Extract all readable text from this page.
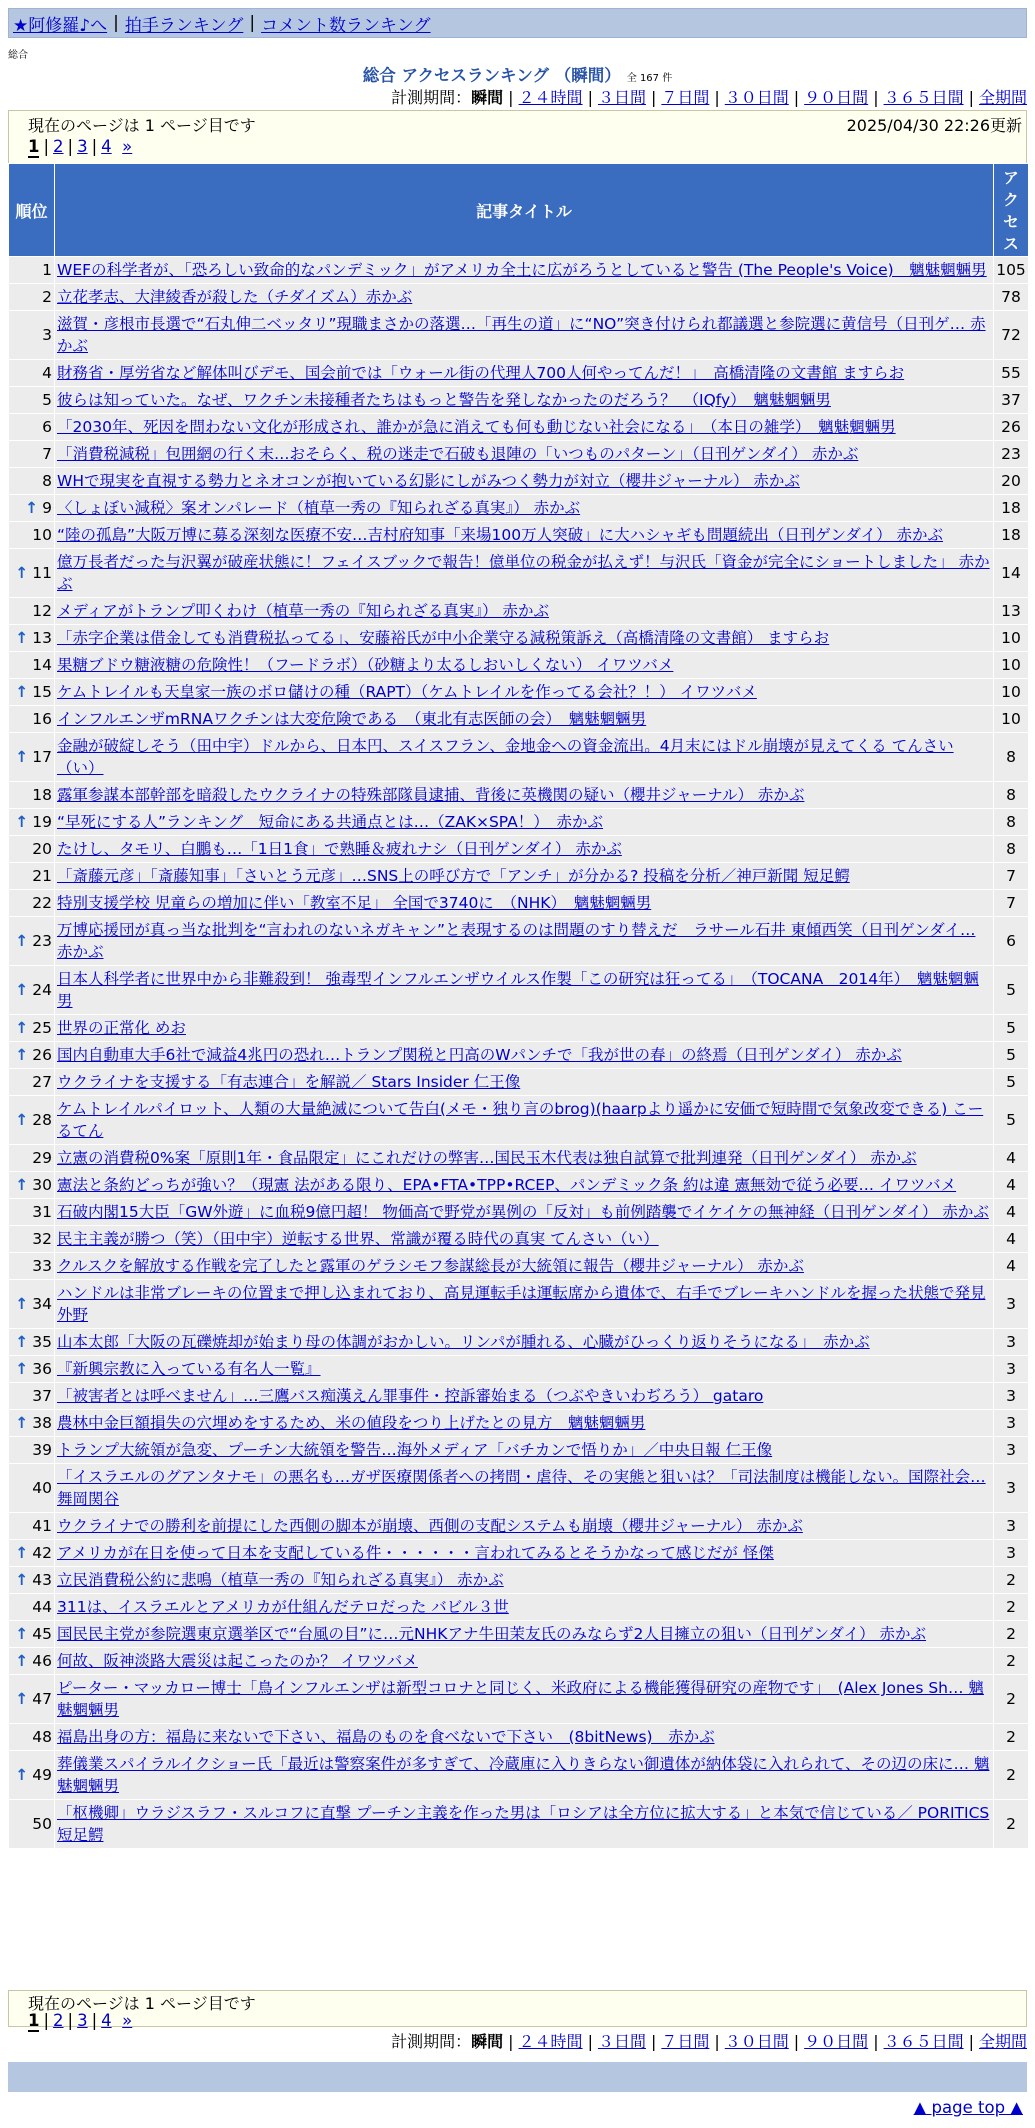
★阿修羅♪へ | 拍手ランキング | コメント数ランキング
総合
総合 アクセスランキング （瞬間） 全 167 件
計測期間：瞬間 | ２４時間 | ３日間 | ７日間 | ３０日間 | ９０日間 | ３６５日間 | 全期間
現在のページは 1 ページ目です	2025/04/30 22:26更新
1 | 2 | 3 | 4 »
順位	記事タイトル	アクセス
1	WEFの科学者が、「恐ろしい致命的なパンデミック」がアメリカ全土に広がろうとしていると警告 (The People's Voice)　魑魅魍魎男	105
2	立花孝志、大津綾香が殺した（チダイズム）赤かぶ	78
3	滋賀・彦根市長選で“石丸伸二ベッタリ”現職まさかの落選…「再生の道」に“NO”突き付けられ都議選と参院選に黄信号（日刊ゲ… 赤かぶ	72
4	財務省・厚労省など解体叫びデモ、国会前では「ウォール街の代理人700人何やってんだ！」　高橋清隆の文書館 ますらお	55
5	彼らは知っていた。なぜ、ワクチン未接種者たちはもっと警告を発しなかったのだろう？　（IQfy）　魑魅魍魎男	37
6	「2030年、死因を問わない文化が形成され、誰かが急に消えても何も動じない社会になる」　（本日の雑学）　魑魅魍魎男	26
7	「消費税減税」包囲網の行く末…おそらく、税の迷走で石破も退陣の「いつものパターン」（日刊ゲンダイ） 赤かぶ	23
8	WHで現実を直視する勢力とネオコンが抱いている幻影にしがみつく勢力が対立（櫻井ジャーナル） 赤かぶ	20
↑ 9	〈しょぼい減税〉案オンパレード（植草一秀の『知られざる真実』） 赤かぶ	18
10	“陸の孤島”大阪万博に募る深刻な医療不安…吉村府知事「来場100万人突破」に大ハシャギも問題続出（日刊ゲンダイ） 赤かぶ	18
↑ 11	億万長者だった与沢翼が破産状態に！フェイスブックで報告！億単位の税金が払えず！与沢氏「資金が完全にショートしました」 赤かぶ	14
12	メディアがトランプ叩くわけ（植草一秀の『知られざる真実』） 赤かぶ	13
↑ 13	「赤字企業は借金しても消費税払ってる」、安藤裕氏が中小企業守る減税策訴え（高橋清隆の文書館） ますらお	10
14	果糖ブドウ糖液糖の危険性！（フードラボ）（砂糖より太るしおいしくない） イワツバメ	10
↑ 15	ケムトレイルも天皇家一族のボロ儲けの種（RAPT）（ケムトレイルを作ってる会社？！） イワツバメ	10
16	インフルエンザmRNAワクチンは大変危険である　（東北有志医師の会）　魑魅魍魎男	10
↑ 17	金融が破綻しそう（田中宇）ドルから、日本円、スイスフラン、金地金への資金流出。4月末にはドル崩壊が見えてくる てんさい（い）	8
18	露軍参謀本部幹部を暗殺したウクライナの特殊部隊員逮捕、背後に英機関の疑い（櫻井ジャーナル） 赤かぶ	8
↑ 19	“早死にする人”ランキング　短命にある共通点とは…（ZAK×SPA！）　赤かぶ	8
20	たけし、タモリ、白鵬も…「1日1食」で熟睡＆疲れナシ（日刊ゲンダイ） 赤かぶ	8
21	「斎藤元彦」「斎藤知事」「さいとう元彦」…SNS上の呼び方で「アンチ」が分かる? 投稿を分析／神戸新聞 短足鰐	7
22	特別支援学校 児童らの増加に伴い「教室不足」 全国で3740に　（NHK）　魑魅魍魎男	7
↑ 23	万博応援団が真っ当な批判を“言われのないネガキャン”と表現するのは問題のすり替えだ　ラサール石井 東傾西笑（日刊ゲンダイ… 赤かぶ	6
↑ 24	日本人科学者に世界中から非難殺到！ 強毒型インフルエンザウイルス作製「この研究は狂ってる」　（TOCANA　2014年）　魑魅魍魎男	5
↑ 25	世界の正常化 めお	5
↑ 26	国内自動車大手6社で減益4兆円の恐れ…トランプ関税と円高のWパンチで「我が世の春」の終焉（日刊ゲンダイ） 赤かぶ	5
27	ウクライナを支援する「有志連合」を解説／ Stars Insider 仁王像	5
↑ 28	ケムトレイルパイロット、人類の大量絶滅について告白(メモ・独り言のbrog)(haarpより遥かに安価で短時間で気象改変できる) こーるてん	5
29	立憲の消費税0%案「原則1年・食品限定」にこれだけの弊害…国民玉木代表は独自試算で批判連発（日刊ゲンダイ） 赤かぶ	4
↑ 30	憲法と条約どっちが強い？（現憲 法がある限り、EPA•FTA•TPP•RCEP、パンデミック条 約は違 憲無効で従う必要… イワツバメ	4
31	石破内閣15大臣「GW外遊」に血税9億円超！ 物価高で野党が異例の「反対」も前例踏襲でイケイケの無神経（日刊ゲンダイ） 赤かぶ	4
32	民主主義が勝つ（笑）（田中宇）逆転する世界、常識が覆る時代の真実 てんさい（い）	4
33	クルスクを解放する作戦を完了したと露軍のゲラシモフ参謀総長が大統領に報告（櫻井ジャーナル） 赤かぶ	4
↑ 34	ハンドルは非常ブレーキの位置まで押し込まれており、高見運転手は運転席から遺体で、右手でブレーキハンドルを握った状態で発見 外野	3
↑ 35	山本太郎「大阪の瓦礫焼却が始まり母の体調がおかしい。リンパが腫れる、心臓がひっくり返りそうになる」　赤かぶ	3
↑ 36	『新興宗教に入っている有名人一覧』	3
37	「被害者とは呼べません」…三鷹バス痴漢えん罪事件・控訴審始まる（つぶやきいわぢろう） gataro	3
↑ 38	農林中金巨額損失の穴埋めをするため、米の値段をつり上げたとの見方　魑魅魍魎男	3
39	トランプ大統領が急変、プーチン大統領を警告…海外メディア「バチカンで悟りか」／中央日報 仁王像	3
40	「イスラエルのグアンタナモ」の悪名も…ガザ医療関係者への拷問・虐待、その実態と狙いは？「司法制度は機能しない。国際社会… 舞岡関谷	3
41	ウクライナでの勝利を前提にした西側の脚本が崩壊、西側の支配システムも崩壊（櫻井ジャーナル） 赤かぶ	3
↑ 42	アメリカが在日を使って日本を支配している件・・・・・・言われてみるとそうかなって感じだが 怪傑	3
↑ 43	立民消費税公約に悲鳴（植草一秀の『知られざる真実』） 赤かぶ	2
44	311は、イスラエルとアメリカが仕組んだテロだった バビル３世	2
↑ 45	国民民主党が参院選東京選挙区で“台風の目”に…元NHKアナ牛田茉友氏のみならず2人目擁立の狙い（日刊ゲンダイ） 赤かぶ	2
↑ 46	何故、阪神淡路大震災は起こったのか？ イワツバメ	2
↑ 47	ピーター・マッカロー博士「鳥インフルエンザは新型コロナと同じく、米政府による機能獲得研究の産物です」　(Alex Jones Sh… 魑魅魍魎男	2
48	福島出身の方：福島に来ないで下さい、福島のものを食べないで下さい　(8bitNews)　赤かぶ	2
↑ 49	葬儀業スパイラルイクショー氏「最近は警察案件が多すぎて、冷蔵庫に入りきらない御遺体が納体袋に入れられて、その辺の床に… 魑魅魍魎男	2
50	「枢機卿」ウラジスラフ・スルコフに直撃 プーチン主義を作った男は「ロシアは全方位に拡大する」と本気で信じている／ PORITICS 短足鰐	2
現在のページは 1 ページ目です
1 | 2 | 3 | 4 »
計測期間：瞬間 | ２４時間 | ３日間 | ７日間 | ３０日間 | ９０日間 | ３６５日間 | 全期間
▲ page top ▲
